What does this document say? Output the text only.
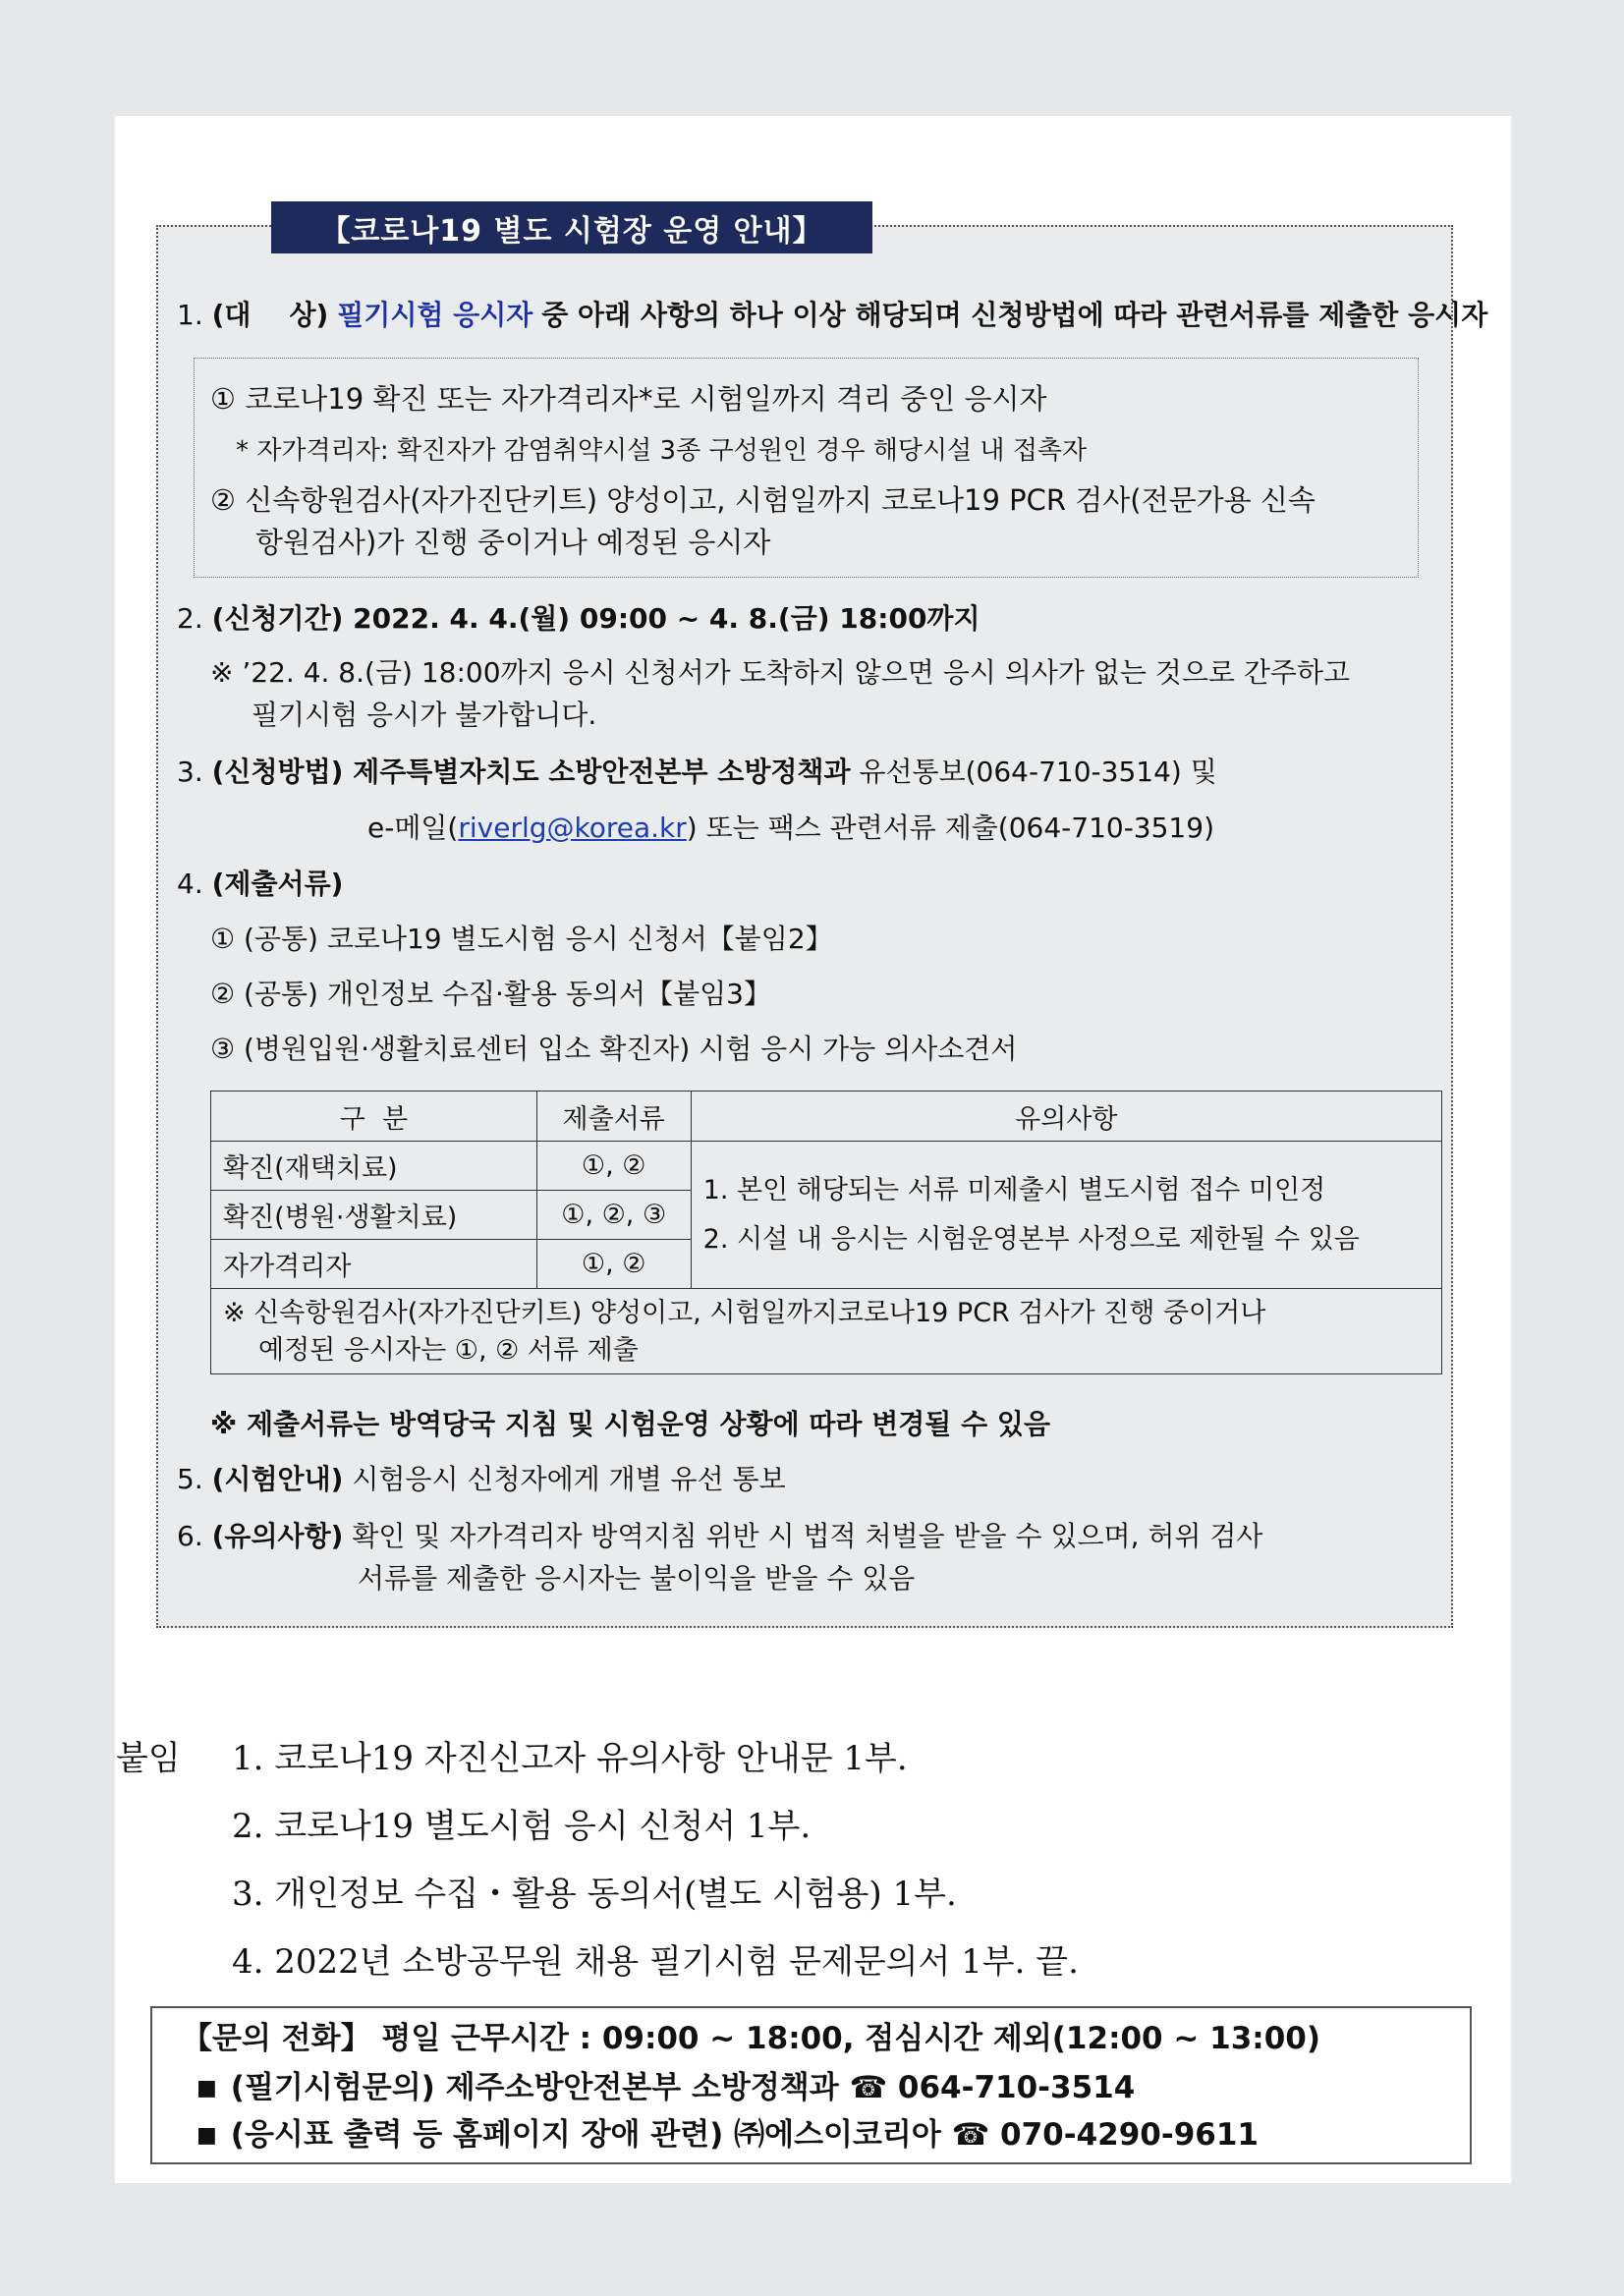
【코로나19 별도 시험장 운영 안내】
1. (대    상) 필기시험 응시자 중 아래 사항의 하나 이상 해당되며 신청방법에 따라 관련서류를 제출한 응시자
① 코로나19 확진 또는 자가격리자*로 시험일까지 격리 중인 응시자
* 자가격리자: 확진자가 감염취약시설 3종 구성원인 경우 해당시설 내 접촉자
② 신속항원검사(자가진단키트) 양성이고, 시험일까지 코로나19 PCR 검사(전문가용 신속
항원검사)가 진행 중이거나 예정된 응시자
2. (신청기간) 2022. 4. 4.(월) 09:00 ~ 4. 8.(금) 18:00까지
※ ’22. 4. 8.(금) 18:00까지 응시 신청서가 도착하지 않으면 응시 의사가 없는 것으로 간주하고
필기시험 응시가 불가합니다.
3. (신청방법) 제주특별자치도 소방안전본부 소방정책과 유선통보(064-710-3514) 및
e-메일(riverlg@korea.kr) 또는 팩스 관련서류 제출(064-710-3519)
4. (제출서류)
① (공통) 코로나19 별도시험 응시 신청서【붙임2】
② (공통) 개인정보 수집·활용 동의서【붙임3】
③ (병원입원·생활치료센터 입소 확진자) 시험 응시 가능 의사소견서
구  분	제출서류	유의사항
확진(재택치료)	①, ②	1. 본인 해당되는 서류 미제출시 별도시험 접수 미인정
2. 시설 내 응시는 시험운영본부 사정으로 제한될 수 있음

확진(병원·생활치료)	①, ②, ③	
자가격리자	①, ②	

※ 신속항원검사(자가진단키트) 양성이고, 시험일까지코로나19 PCR 검사가 진행 중이거나
예정된 응시자는 ①, ② 서류 제출		
※ 제출서류는 방역당국 지침 및 시험운영 상황에 따라 변경될 수 있음
5. (시험안내) 시험응시 신청자에게 개별 유선 통보
6. (유의사항) 확인 및 자가격리자 방역지침 위반 시 법적 처벌을 받을 수 있으며, 허위 검사
서류를 제출한 응시자는 불이익을 받을 수 있음
붙임 1. 코로나19 자진신고자 유의사항 안내문 1부.
2. 코로나19 별도시험 응시 신청서 1부.
3. 개인정보 수집・활용 동의서(별도 시험용) 1부.
4. 2022년 소방공무원 채용 필기시험 문제문의서 1부. 끝.
【문의 전화】 평일 근무시간 : 09:00 ~ 18:00, 점심시간 제외(12:00 ~ 13:00)
■ (필기시험문의) 제주소방안전본부 소방정책과 ☎ 064-710-3514
■ (응시표 출력 등 홈페이지 장애 관련) ㈜에스이코리아 ☎ 070-4290-9611
